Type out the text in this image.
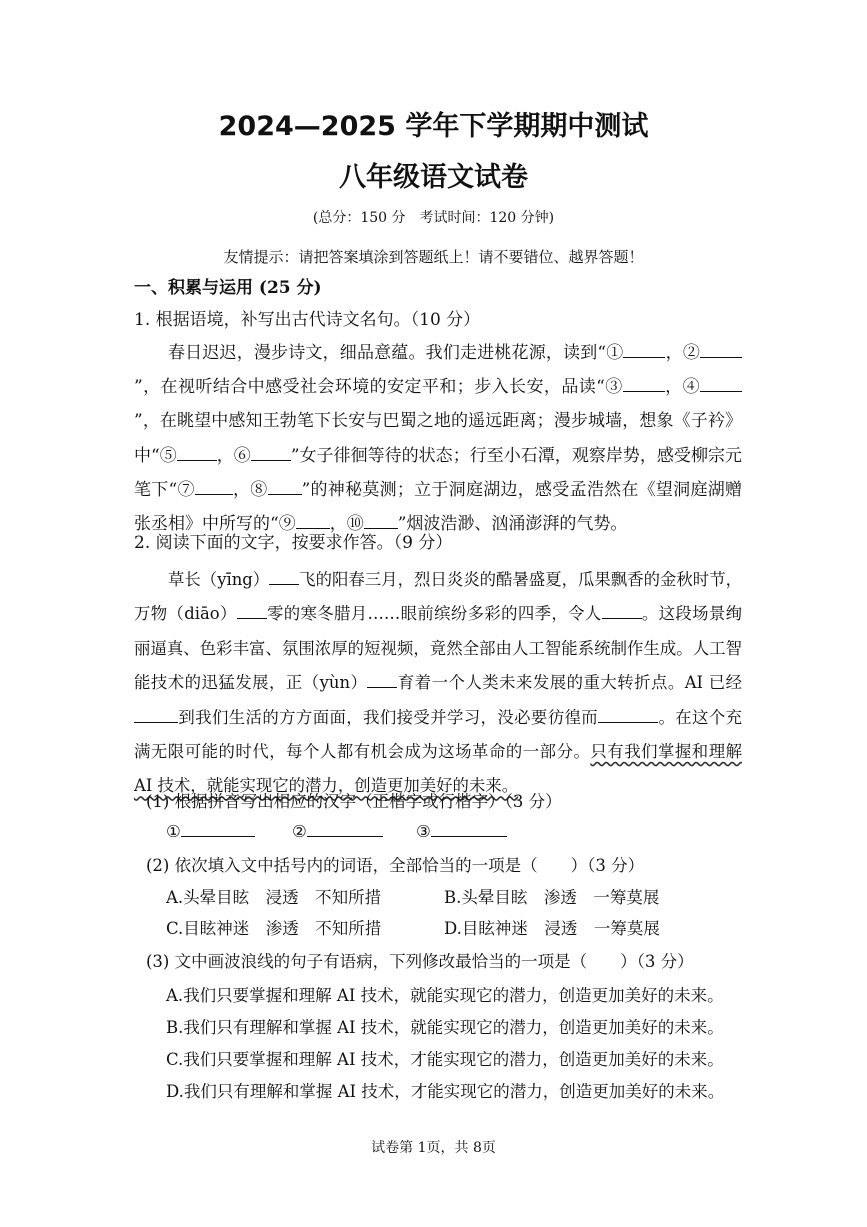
2024—2025 学年下学期期中测试
八年级语文试卷
(总分：150 分　考试时间：120 分钟)
友情提示：请把答案填涂到答题纸上！请不要错位、越界答题！
一、积累与运用 (25 分)
1. 根据语境，补写出古代诗文名句。（10 分）

春日迟迟，漫步诗文，细品意蕴。我们走进桃花源，读到“① ，②”，在视听结合中感受社会环境的安定平和；步入长安，品读“③ ，④”，在眺望中感知王勃笔下长安与巴蜀之地的遥远距离；漫步城墙，想象《子衿》中“⑤ ，⑥ ”女子徘徊等待的状态；行至小石潭，观察岸势，感受柳宗元笔下“⑦ ，⑧ ”的神秘莫测；立于洞庭湖边，感受孟浩然在《望洞庭湖赠张丞相》中所写的“⑨ ，⑩ ”烟波浩渺、汹涌澎湃的气势。

2. 阅读下面的文字，按要求作答。（9 分）

草长（yīng） 飞的阳春三月，烈日炎炎的酷暑盛夏，瓜果飘香的金秋时节，万物（diāo） 零的寒冬腊月……眼前缤纷多彩的四季，令人 。这段场景绚丽逼真、色彩丰富、氛围浓厚的短视频，竟然全部由人工智能系统制作生成。人工智能技术的迅猛发展，正（yùn） 育着一个人类未来发展的重大转折点。AI 已经到我们生活的方方面面，我们接受并学习，没必要彷徨而	。在这个充满无限可能的时代，每个人都有机会成为这场革命的一部分。只有我们掌握和理解 AI 技术，就能实现它的潜力，创造更加美好的未来。

(1) 根据拼音写出相应的汉字（正楷字或行楷字）（3 分）
①	②	③
(2) 依次填入文中括号内的词语，全部恰当的一项是（　　）（3 分）
A.头晕目眩　浸透　不知所措	B.头晕目眩　渗透　一筹莫展
C.目眩神迷　渗透　不知所措	D.目眩神迷　浸透　一筹莫展
(3) 文中画波浪线的句子有语病，下列修改最恰当的一项是（　　）（3 分）
A.我们只要掌握和理解 AI 技术，就能实现它的潜力，创造更加美好的未来。
B.我们只有理解和掌握 AI 技术，就能实现它的潜力，创造更加美好的未来。
C.我们只要掌握和理解 AI 技术，才能实现它的潜力，创造更加美好的未来。
D.我们只有理解和掌握 AI 技术，才能实现它的潜力，创造更加美好的未来。
试卷第 1页，共 8页
